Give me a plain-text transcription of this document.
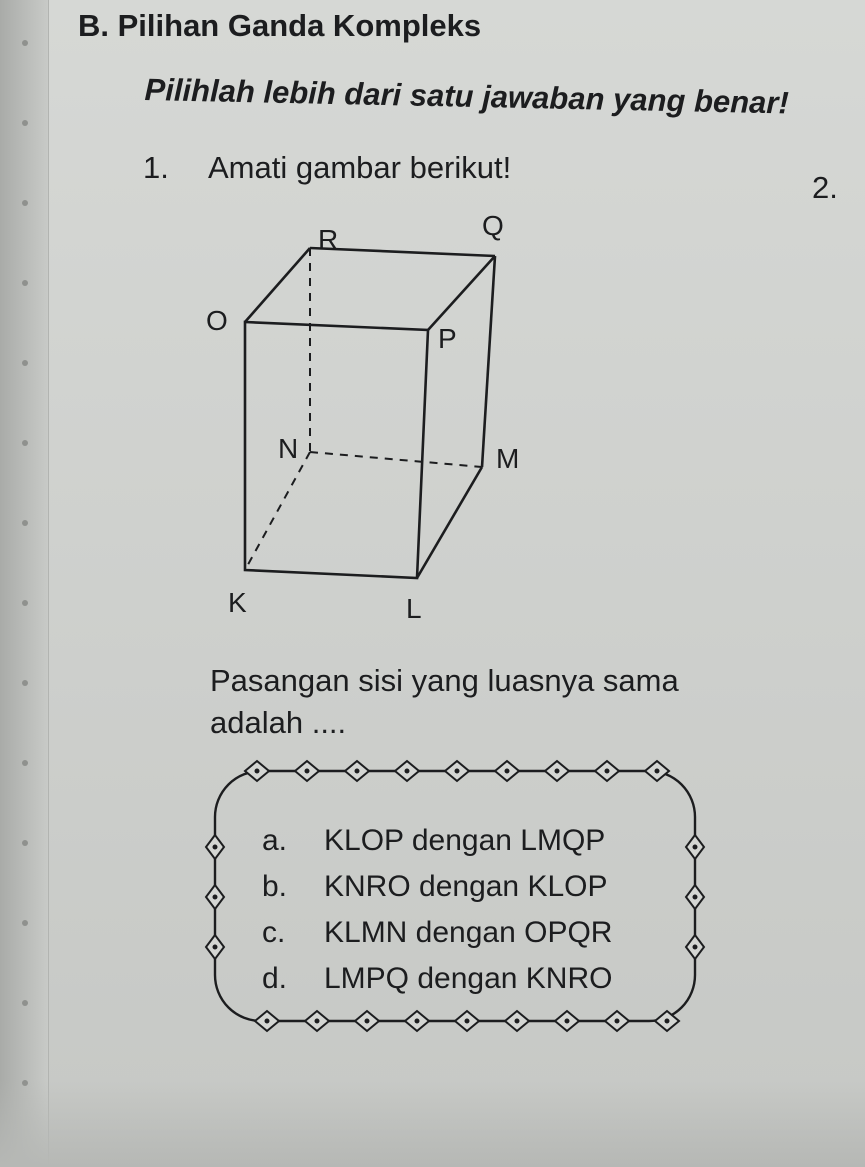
B. Pilihan Ganda Kompleks

Pilihlah lebih dari satu jawaban yang benar!

1. Amati gambar berikut!
2.
R	Q
O
P
N	M
K	L
Pasangan sisi yang luasnya sama
adalah ....
a. KLOP dengan LMQP
b. KNRO dengan KLOP
c. KLMN dengan OPQR
d. LMPQ dengan KNRO
